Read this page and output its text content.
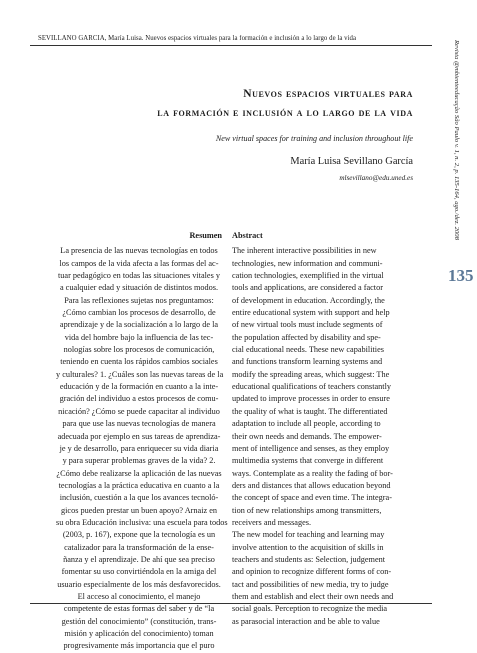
SEVILLANO GARCÍA, María Luisa. Nuevos espacios virtuales para la formación e inclusión a lo largo de la vida
Revista @mbienteeducação São Paulo v. 1, n. 2, p. 135-164, ago./dez. 2008
135
Nuevos espacios virtuales para
la formación e inclusión a lo largo de la vida
New virtual spaces for training and inclusion throughout life
María Luisa Sevillano García
mlsevillano@edu.uned.es
Resumen
La presencia de las nuevas tecnologías en todos
los campos de la vida afecta a las formas del ac-
tuar pedagógico en todas las situaciones vitales y
a cualquier edad y situación de distintos modos.
Para las reflexiones sujetas nos preguntamos:
¿Cómo cambian los procesos de desarrollo, de
aprendizaje y de la socialización a lo largo de la
vida del hombre bajo la influencia de las tec-
nologías sobre los procesos de comunicación,
teniendo en cuenta los rápidos cambios sociales
y culturales? 1. ¿Cuáles son las nuevas tareas de la
educación y de la formación en cuanto a la inte-
gración del individuo a estos procesos de comu-
nicación? ¿Cómo se puede capacitar al individuo
para que use las nuevas tecnologías de manera
adecuada por ejemplo en sus tareas de aprendiza-
je y de desarrollo, para enriquecer su vida diaria
y para superar problemas graves de la vida? 2.
¿Cómo debe realizarse la aplicación de las nuevas
tecnologías a la práctica educativa en cuanto a la
inclusión, cuestión a la que los avances tecnoló-
gicos pueden prestar un buen apoyo? Arnaiz en
su obra Educación inclusiva: una escuela para todos
(2003, p. 167), expone que la tecnología es un
catalizador para la transformación de la ense-
ñanza y el aprendizaje. De ahí que sea preciso
fomentar su uso convirtiéndola en la amiga del
usuario especialmente de los más desfavorecidos.
El acceso al conocimiento, el manejo
competente de estas formas del saber y de “la
gestión del conocimiento” (constitución, trans-
misión y aplicación del conocimiento) toman
progresivamente más importancia que el puro
Abstract
The inherent interactive possibilities in new
technologies, new information and communi-
cation technologies, exemplified in the virtual
tools and applications, are considered a factor
of development in education. Accordingly, the
entire educational system with support and help
of new virtual tools must include segments of
the population affected by disability and spe-
cial educational needs. These new capabilities
and functions transform learning systems and
modify the spreading areas, which suggest: The
educational qualifications of teachers constantly
updated to improve processes in order to ensure
the quality of what is taught. The differentiated
adaptation to include all people, according to
their own needs and demands. The empower-
ment of intelligence and senses, as they employ
multimedia systems that converge in different
ways. Contemplate as a reality the fading of bor-
ders and distances that allows education beyond
the concept of space and even time. The integra-
tion of new relationships among transmitters,
receivers and messages.
The new model for teaching and learning may
involve attention to the acquisition of skills in
teachers and students as: Selection, judgement
and opinion to recognize different forms of con-
tact and possibilities of new media, try to judge
them and establish and elect their own needs and
social goals. Perception to recognize the media
as parasocial interaction and be able to value
